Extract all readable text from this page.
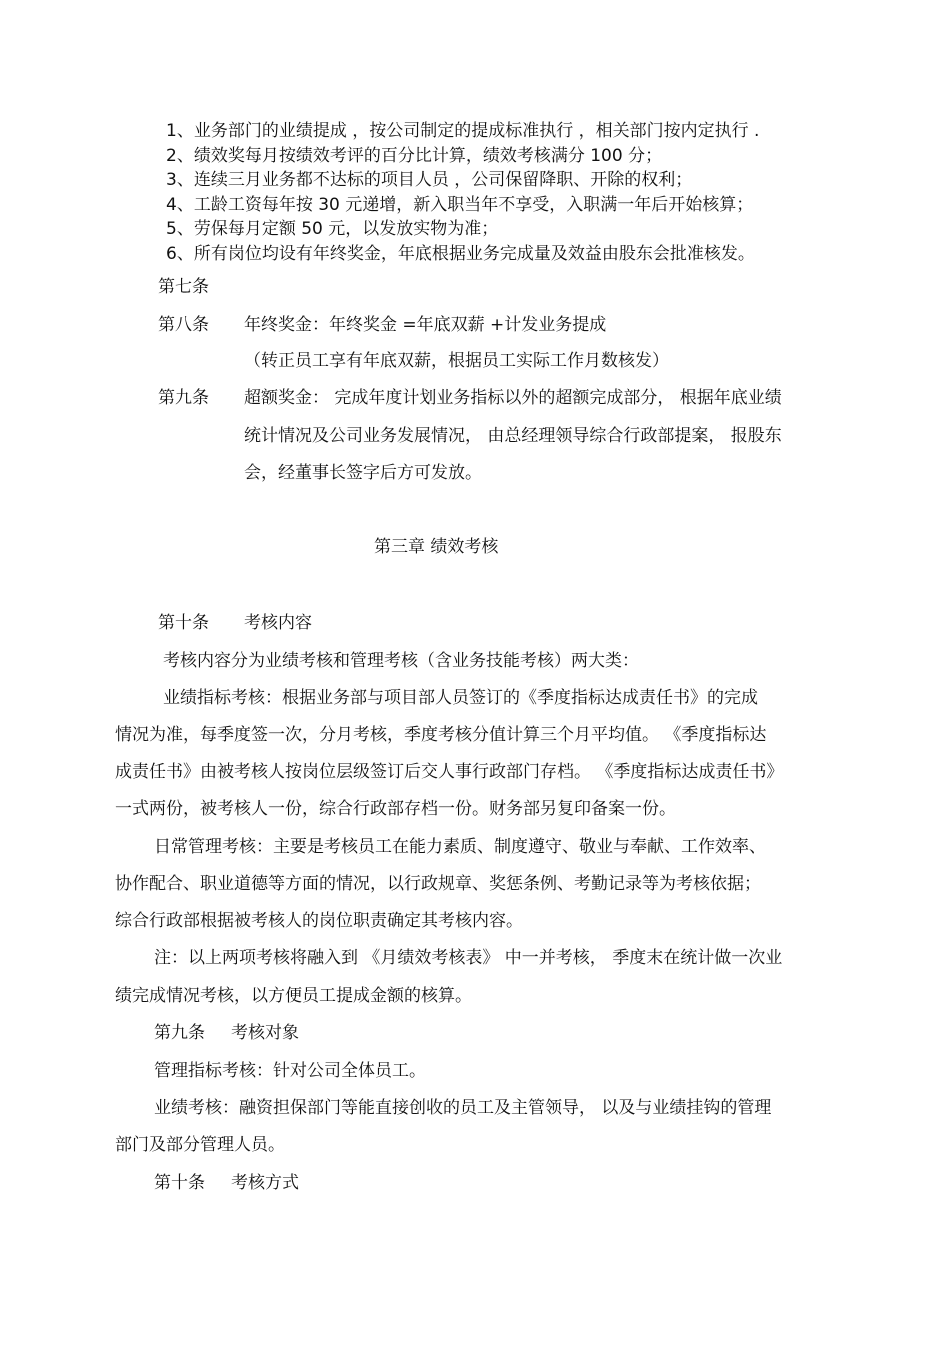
1、业务部门的业绩提成 ，按公司制定的提成标准执行 ，相关部门按内定执行 .
2、绩效奖每月按绩效考评的百分比计算，绩效考核满分 100 分；
3、连续三月业务都不达标的项目人员 ，公司保留降职、开除的权利；
4、工龄工资每年按 30 元递增，新入职当年不享受，入职满一年后开始核算；
5、劳保每月定额 50 元，以发放实物为准；
6、所有岗位均设有年终奖金，年底根据业务完成量及效益由股东会批准核发。
第七条
第八条 年终奖金：年终奖金 =年底双薪 +计发业务提成
（转正员工享有年底双薪，根据员工实际工作月数核发）
第九条 超额奖金： 完成年度计划业务指标以外的超额完成部分， 根据年底业绩
统计情况及公司业务发展情况， 由总经理领导综合行政部提案， 报股东
会，经董事长签字后方可发放。
第三章 绩效考核
第十条 考核内容
考核内容分为业绩考核和管理考核（含业务技能考核）两大类：
业绩指标考核：根据业务部与项目部人员签订的《季度指标达成责任书》的完成
情况为准，每季度签一次，分月考核，季度考核分值计算三个月平均值。 《季度指标达
成责任书》由被考核人按岗位层级签订后交人事行政部门存档。 《季度指标达成责任书》
一式两份，被考核人一份，综合行政部存档一份。财务部另复印备案一份。
日常管理考核：主要是考核员工在能力素质、制度遵守、敬业与奉献、工作效率、
协作配合、职业道德等方面的情况，以行政规章、奖惩条例、考勤记录等为考核依据；
综合行政部根据被考核人的岗位职责确定其考核内容。
注：以上两项考核将融入到 《月绩效考核表》 中一并考核， 季度末在统计做一次业
绩完成情况考核，以方便员工提成金额的核算。
第九条 考核对象
管理指标考核：针对公司全体员工。
业绩考核：融资担保部门等能直接创收的员工及主管领导， 以及与业绩挂钩的管理
部门及部分管理人员。
第十条 考核方式
